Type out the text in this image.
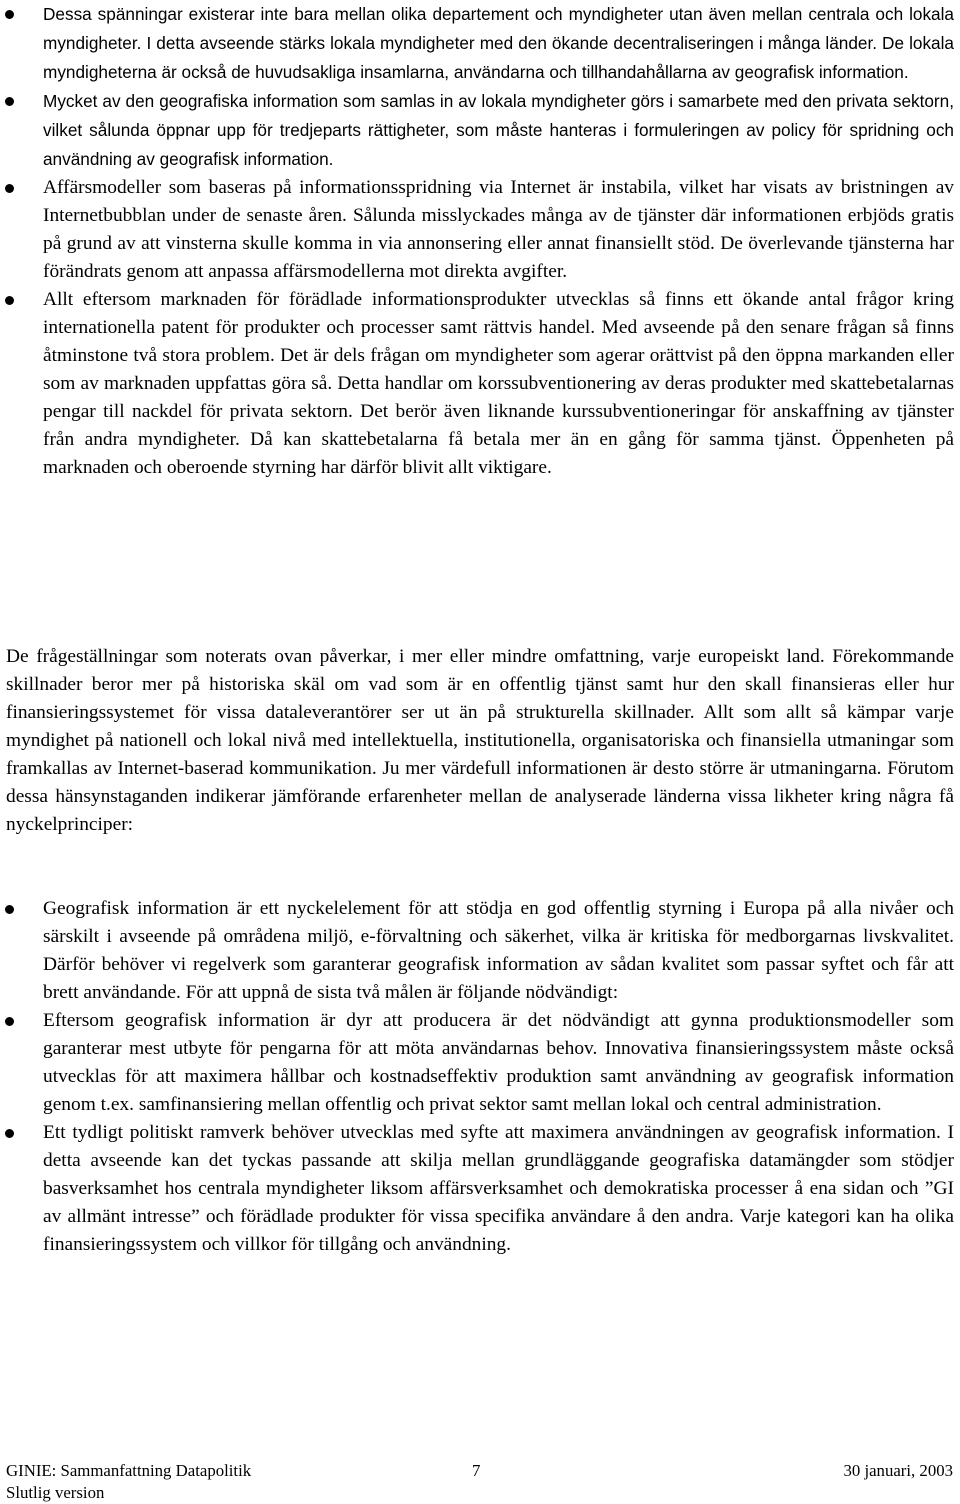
Dessa spänningar existerar inte bara mellan olika departement och myndigheter utan även mellan centrala och lokala myndigheter. I detta avseende stärks lokala myndigheter med den ökande decentraliseringen i många länder. De lokala myndigheterna är också de huvudsakliga insamlarna, användarna och tillhandahållarna av geografisk information.
Mycket av den geografiska information som samlas in av lokala myndigheter görs i samarbete med den privata sektorn, vilket sålunda öppnar upp för tredjeparts rättigheter, som måste hanteras i formuleringen av policy för spridning och användning av geografisk information.
Affärsmodeller som baseras på informationsspridning via Internet är instabila, vilket har visats av bristningen av Internetbubblan under de senaste åren. Sålunda misslyckades många av de tjänster där informationen erbjöds gratis på grund av att vinsterna skulle komma in via annonsering eller annat finansiellt stöd. De överlevande tjänsterna har förändrats genom att anpassa affärsmodellerna mot direkta avgifter.
Allt eftersom marknaden för förädlade informationsprodukter utvecklas så finns ett ökande antal frågor kring internationella patent för produkter och processer samt rättvis handel. Med avseende på den senare frågan så finns åtminstone två stora problem. Det är dels frågan om myndigheter som agerar orättvist på den öppna markanden eller som av marknaden uppfattas göra så. Detta handlar om korssubventionering av deras produkter med skattebetalarnas pengar till nackdel för privata sektorn. Det berör även liknande kurssubventioneringar för anskaffning av tjänster från andra myndigheter. Då kan skattebetalarna få betala mer än en gång för samma tjänst. Öppenheten på marknaden och oberoende styrning har därför blivit allt viktigare.
De frågeställningar som noterats ovan påverkar, i mer eller mindre omfattning, varje europeiskt land. Förekommande skillnader beror mer på historiska skäl om vad som är en offentlig tjänst samt hur den skall finansieras eller hur finansieringssystemet för vissa dataleverantörer ser ut än på strukturella skillnader. Allt som allt så kämpar varje myndighet på nationell och lokal nivå med intellektuella, institutionella, organisatoriska och finansiella utmaningar som framkallas av Internet-baserad kommunikation. Ju mer värdefull informationen är desto större är utmaningarna. Förutom dessa hänsynstaganden indikerar jämförande erfarenheter mellan de analyserade länderna vissa likheter kring några få nyckelprinciper:
Geografisk information är ett nyckelelement för att stödja en god offentlig styrning i Europa på alla nivåer och särskilt i avseende på områdena miljö, e-förvaltning och säkerhet, vilka är kritiska för medborgarnas livskvalitet. Därför behöver vi regelverk som garanterar geografisk information av sådan kvalitet som passar syftet och får att brett användande. För att uppnå de sista två målen är följande nödvändigt:
Eftersom geografisk information är dyr att producera är det nödvändigt att gynna produktionsmodeller som garanterar mest utbyte för pengarna för att möta användarnas behov. Innovativa finansieringssystem måste också utvecklas för att maximera hållbar och kostnadseffektiv produktion samt användning av geografisk information genom t.ex. samfinansiering mellan offentlig och privat sektor samt mellan lokal och central administration.
Ett tydligt politiskt ramverk behöver utvecklas med syfte att maximera användningen av geografisk information. I detta avseende kan det tyckas passande att skilja mellan grundläggande geografiska datamängder som stödjer basverksamhet hos centrala myndigheter liksom affärsverksamhet och demokratiska processer å ena sidan och ”GI av allmänt intresse” och förädlade produkter för vissa specifika användare å den andra. Varje kategori kan ha olika finansieringssystem och villkor för tillgång och användning.
GINIE: Sammanfattning Datapolitik	7	30 januari, 2003
Slutlig version
